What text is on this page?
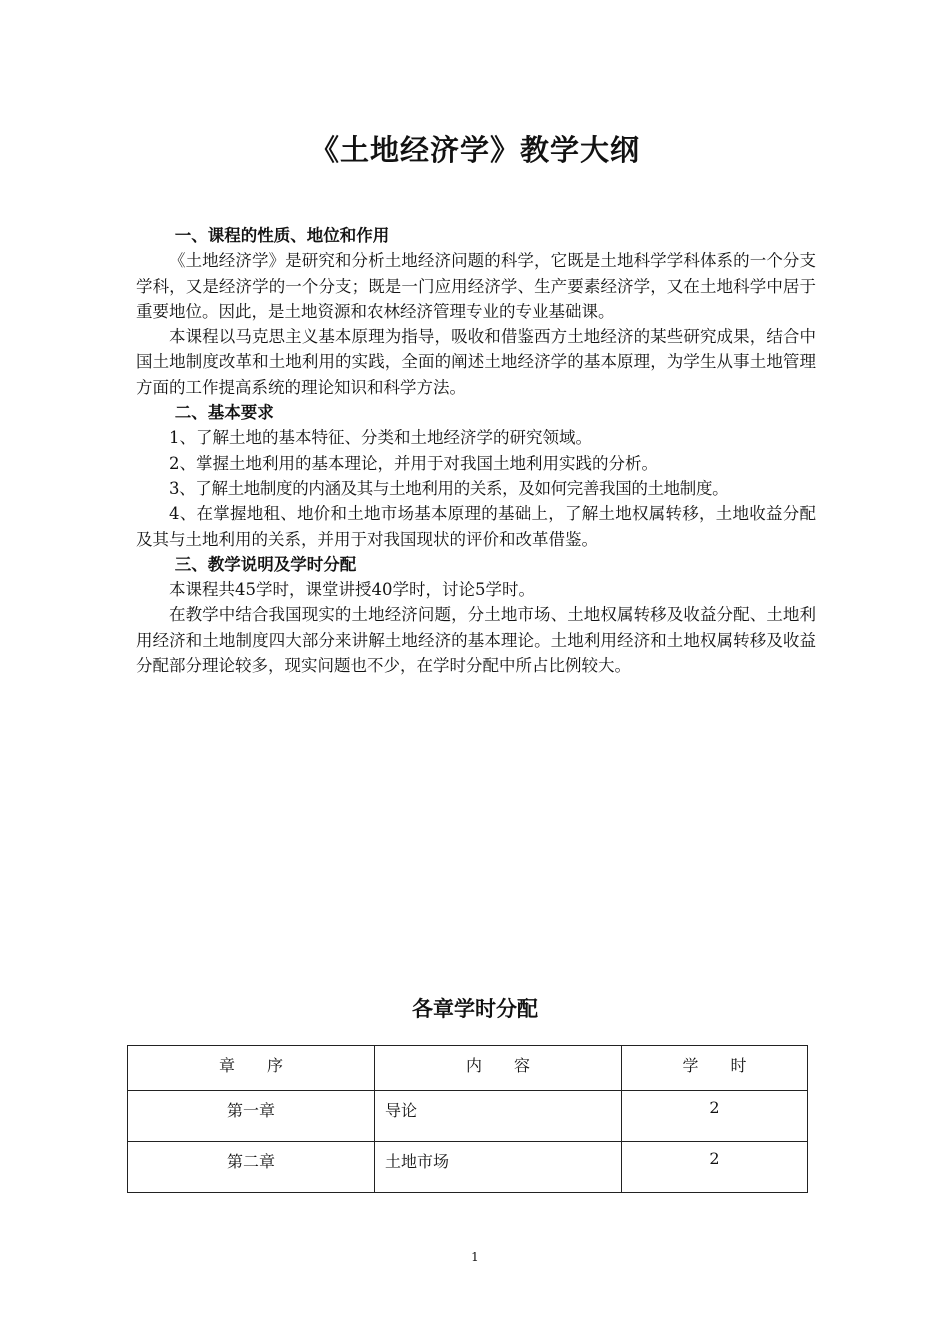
《土地经济学》教学大纲
一、课程的性质、地位和作用

《土地经济学》是研究和分析土地经济问题的科学，它既是土地科学学科体系的一个分支学科，又是经济学的一个分支；既是一门应用经济学、生产要素经济学，又在土地科学中居于重要地位。因此，是土地资源和农林经济管理专业的专业基础课。

本课程以马克思主义基本原理为指导，吸收和借鉴西方土地经济的某些研究成果，结合中国土地制度改革和土地利用的实践，全面的阐述土地经济学的基本原理，为学生从事土地管理方面的工作提高系统的理论知识和科学方法。

二、基本要求

1、了解土地的基本特征、分类和土地经济学的研究领域。

2、掌握土地利用的基本理论，并用于对我国土地利用实践的分析。

3、了解土地制度的内涵及其与土地利用的关系，及如何完善我国的土地制度。

4、在掌握地租、地价和土地市场基本原理的基础上，了解土地权属转移，土地收益分配及其与土地利用的关系，并用于对我国现状的评价和改革借鉴。

三、教学说明及学时分配

本课程共45学时，课堂讲授40学时，讨论5学时。

在教学中结合我国现实的土地经济问题，分土地市场、土地权属转移及收益分配、土地利用经济和土地制度四大部分来讲解土地经济的基本理论。土地利用经济和土地权属转移及收益分配部分理论较多，现实问题也不少，在学时分配中所占比例较大。

各章学时分配
章　　序	内　　容	学　　时
第一章	导论	2
第二章	土地市场	2
1
